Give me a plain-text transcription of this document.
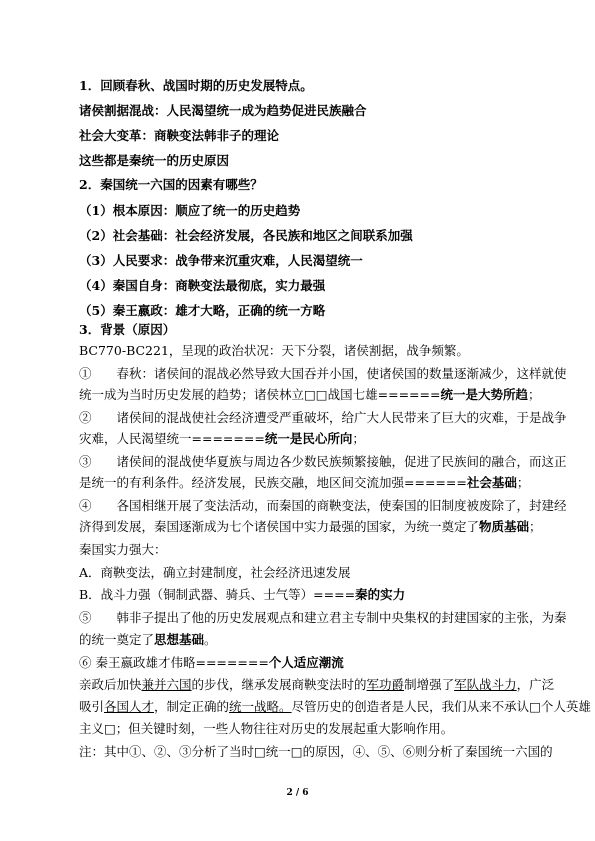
1．回顾春秋、战国时期的历史发展特点。
诸侯割据混战：人民渴望统一成为趋势促进民族融合
社会大变革：商鞅变法韩非子的理论
这些都是秦统一的历史原因
2．秦国统一六国的因素有哪些？
（1）根本原因：顺应了统一的历史趋势
（2）社会基础：社会经济发展，各民族和地区之间联系加强
（3）人民要求：战争带来沉重灾难，人民渴望统一
（4）秦国自身：商鞅变法最彻底，实力最强
（5）秦王嬴政：雄才大略，正确的统一方略
3．背景（原因）
BC770-BC221，呈现的政治状况：天下分裂，诸侯割据，战争频繁。
①　　春秋：诸侯间的混战必然导致大国吞并小国，使诸侯国的数量逐渐减少，这样就使
统一成为当时历史发展的趋势；诸侯林立□□战国七雄======统一是大势所趋；
②　　诸侯间的混战使社会经济遭受严重破坏，给广大人民带来了巨大的灾难，于是战争
灾难，人民渴望统一=======统一是民心所向；
③　　诸侯间的混战使华夏族与周边各少数民族频繁接触，促进了民族间的融合，而这正
是统一的有利条件。经济发展，民族交融，地区间交流加强======社会基础；
④　　各国相继开展了变法活动，而秦国的商鞅变法，使秦国的旧制度被废除了，封建经
济得到发展，秦国逐渐成为七个诸侯国中实力最强的国家，为统一奠定了物质基础；
秦国实力强大：
A．商鞅变法，确立封建制度，社会经济迅速发展
B．战斗力强（铜制武器、骑兵、士气等）====秦的实力
⑤　　韩非子提出了他的历史发展观点和建立君主专制中央集权的封建国家的主张，为秦
的统一奠定了思想基础。
⑥ 秦王嬴政雄才伟略=======个人适应潮流
亲政后加快兼并六国的步伐，继承发展商鞅变法时的军功爵制增强了军队战斗力，广泛
吸引各国人才，制定正确的统一战略。尽管历史的创造者是人民，我们从来不承认□个人英雄
主义□；但关键时刻，一些人物往往对历史的发展起重大影响作用。
注：其中①、②、③分析了当时□统一□的原因，④、⑤、⑥则分析了秦国统一六国的
2 / 6
